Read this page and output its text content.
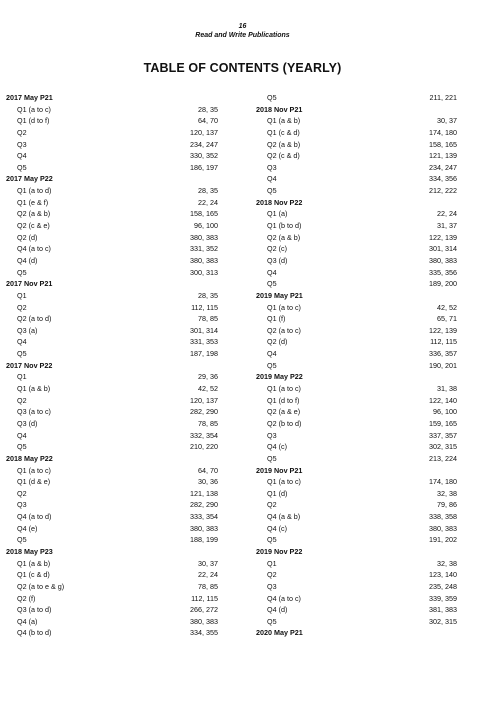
16
Read and Write Publications
TABLE OF CONTENTS (YEARLY)
2017 May P21
Q1 (a to c)	28, 35
Q1 (d to f)	64, 70
Q2	120, 137
Q3	234, 247
Q4	330, 352
Q5	186, 197
2017 May P22
Q1 (a to d)	28, 35
Q1 (e & f)	22, 24
Q2 (a & b)	158, 165
Q2 (c & e)	96, 100
Q2 (d)	380, 383
Q4 (a to c)	331, 352
Q4 (d)	380, 383
Q5	300, 313
2017 Nov P21
Q1	28, 35
Q2	112, 115
Q2 (a to d)	78, 85
Q3 (a)	301, 314
Q4	331, 353
Q5	187, 198
2017 Nov P22
Q1	29, 36
Q1 (a & b)	42, 52
Q2	120, 137
Q3 (a to c)	282, 290
Q3 (d)	78, 85
Q4	332, 354
Q5	210, 220
2018 May P22
Q1 (a to c)	64, 70
Q1 (d & e)	30, 36
Q2	121, 138
Q3	282, 290
Q4 (a to d)	333, 354
Q4 (e)	380, 383
Q5	188, 199
2018 May P23
Q1 (a & b)	30, 37
Q1 (c & d)	22, 24
Q2 (a to e & g)	78, 85
Q2 (f)	112, 115
Q3 (a to d)	266, 272
Q4 (a)	380, 383
Q4 (b to d)	334, 355
Q5	211, 221
2018 Nov P21
Q1 (a & b)	30, 37
Q1 (c & d)	174, 180
Q2 (a & b)	158, 165
Q2 (c & d)	121, 139
Q3	234, 247
Q4	334, 356
Q5	212, 222
2018 Nov P22
Q1 (a)	22, 24
Q1 (b to d)	31, 37
Q2 (a & b)	122, 139
Q2 (c)	301, 314
Q3 (d)	380, 383
Q4	335, 356
Q5	189, 200
2019 May P21
Q1 (a to c)	42, 52
Q1 (f)	65, 71
Q2 (a to c)	122, 139
Q2 (d)	112, 115
Q4	336, 357
Q5	190, 201
2019 May P22
Q1 (a to c)	31, 38
Q1 (d to f)	122, 140
Q2 (a & e)	96, 100
Q2 (b to d)	159, 165
Q3	337, 357
Q4 (c)	302, 315
Q5	213, 224
2019 Nov P21
Q1 (a to c)	174, 180
Q1 (d)	32, 38
Q2	79, 86
Q4 (a & b)	338, 358
Q4 (c)	380, 383
Q5	191, 202
2019 Nov P22
Q1	32, 38
Q2	123, 140
Q3	235, 248
Q4 (a to c)	339, 359
Q4 (d)	381, 383
Q5	302, 315
2020 May P21
